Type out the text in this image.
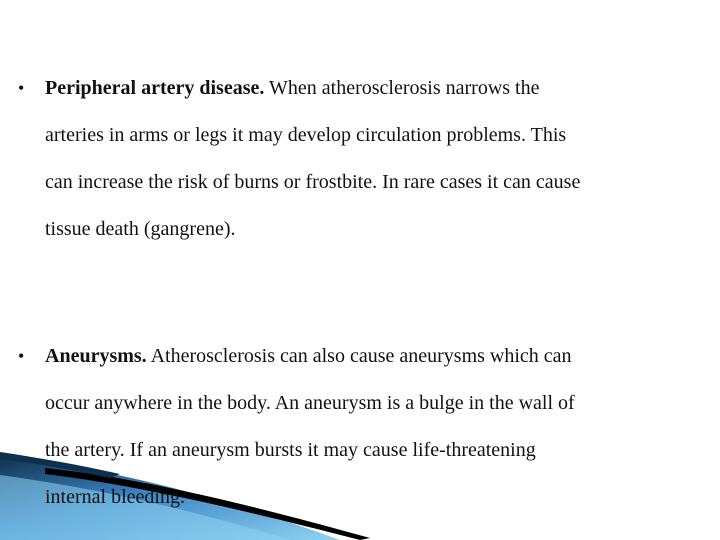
• Peripheral artery disease. When atherosclerosis narrows the
arteries in arms or legs it may develop circulation problems. This
can increase the risk of burns or frostbite. In rare cases it can cause
tissue death (gangrene).
• Aneurysms. Atherosclerosis can also cause aneurysms which can
occur anywhere in the body. An aneurysm is a bulge in the wall of
the artery. If an aneurysm bursts it may cause life-threatening
internal bleeding.
